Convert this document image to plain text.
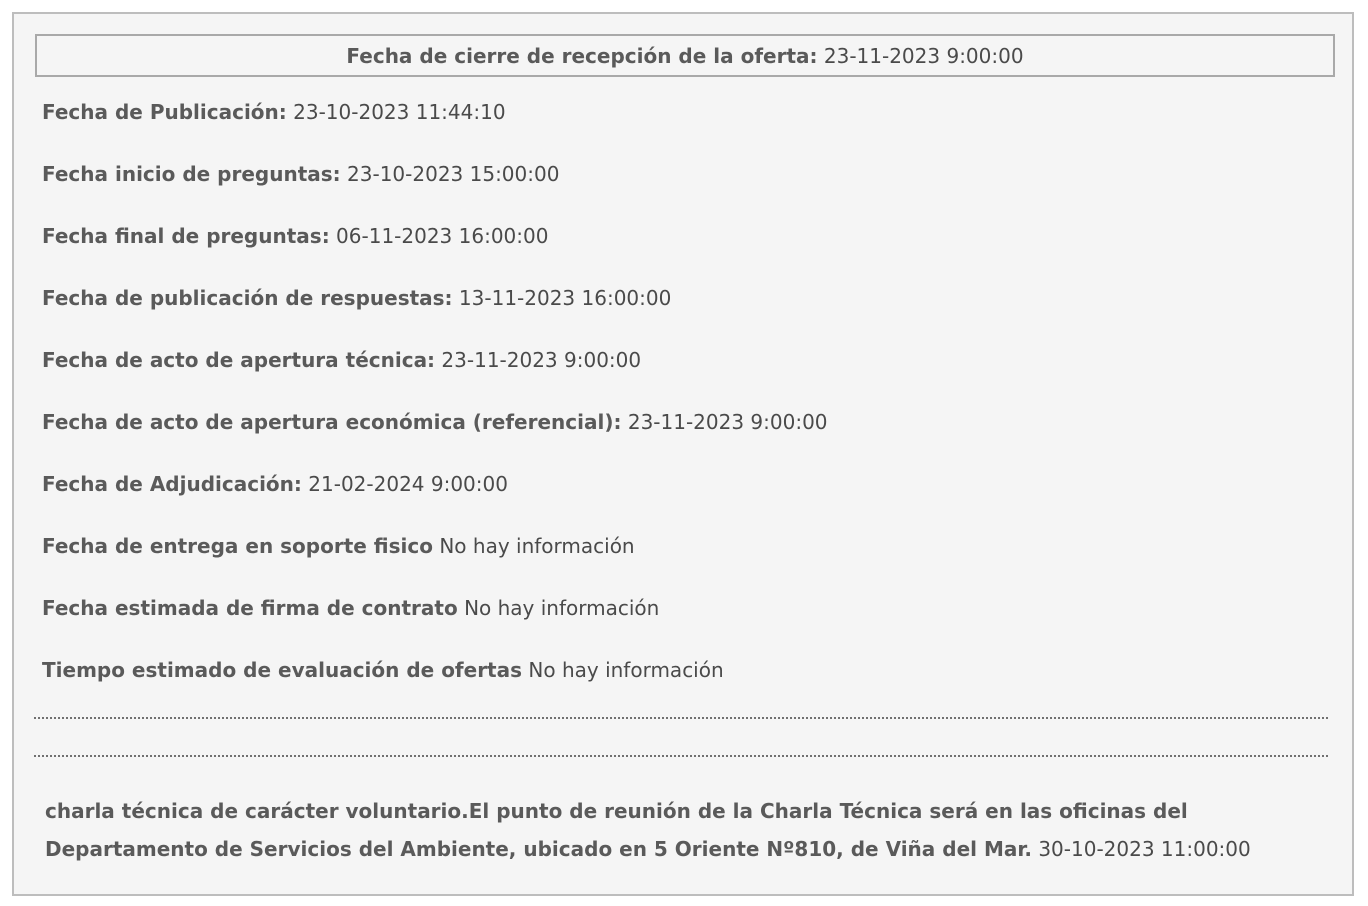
Fecha de cierre de recepción de la oferta:
23-11-2023 9:00:00
Fecha de Publicación: 23-10-2023 11:44:10
Fecha inicio de preguntas: 23-10-2023 15:00:00
Fecha final de preguntas: 06-11-2023 16:00:00
Fecha de publicación de respuestas: 13-11-2023 16:00:00
Fecha de acto de apertura técnica: 23-11-2023 9:00:00
Fecha de acto de apertura económica (referencial): 23-11-2023 9:00:00
Fecha de Adjudicación: 21-02-2024 9:00:00
Fecha de entrega en soporte fisico No hay información
Fecha estimada de firma de contrato No hay información
Tiempo estimado de evaluación de ofertas No hay información
charla técnica de carácter voluntario.El punto de reunión de la Charla Técnica será en las oficinas del Departamento de Servicios del Ambiente, ubicado en 5 Oriente Nº810, de Viña del Mar. 30-10-2023 11:00:00
